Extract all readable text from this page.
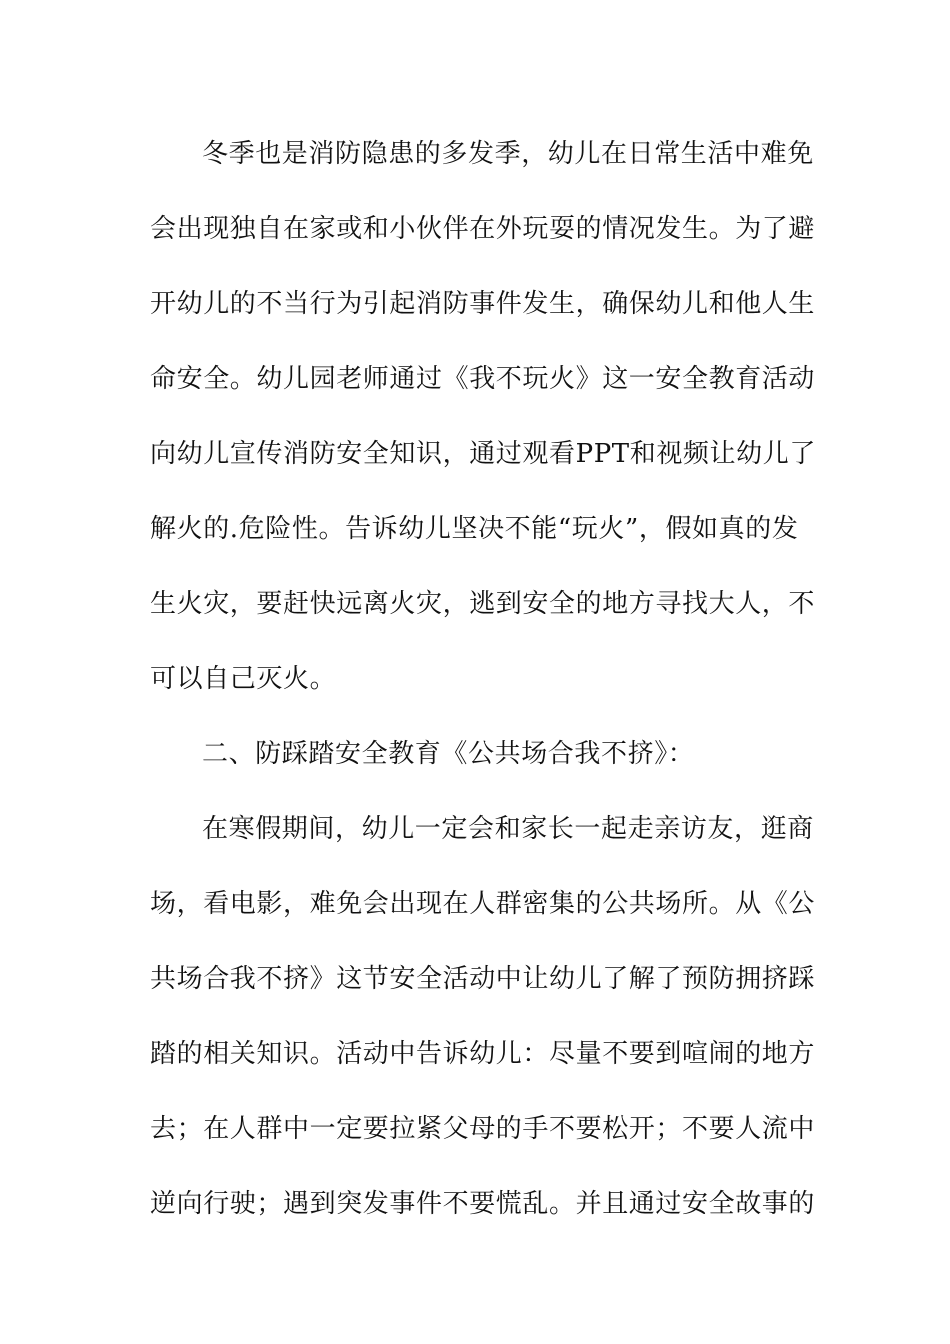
冬季也是消防隐患的多发季，幼儿在日常生活中难免
会出现独自在家或和小伙伴在外玩耍的情况发生。为了避
开幼儿的不当行为引起消防事件发生，确保幼儿和他人生
命安全。幼儿园老师通过《我不玩火》这一安全教育活动
向幼儿宣传消防安全知识，通过观看PPT和视频让幼儿了
解火的.危险性。告诉幼儿坚决不能“玩火”，假如真的发
生火灾，要赶快远离火灾，逃到安全的地方寻找大人，不
可以自己灭火。
二、防踩踏安全教育《公共场合我不挤》：
在寒假期间，幼儿一定会和家长一起走亲访友，逛商
场，看电影，难免会出现在人群密集的公共场所。从《公
共场合我不挤》这节安全活动中让幼儿了解了预防拥挤踩
踏的相关知识。活动中告诉幼儿：尽量不要到喧闹的地方
去；在人群中一定要拉紧父母的手不要松开；不要人流中
逆向行驶；遇到突发事件不要慌乱。并且通过安全故事的
